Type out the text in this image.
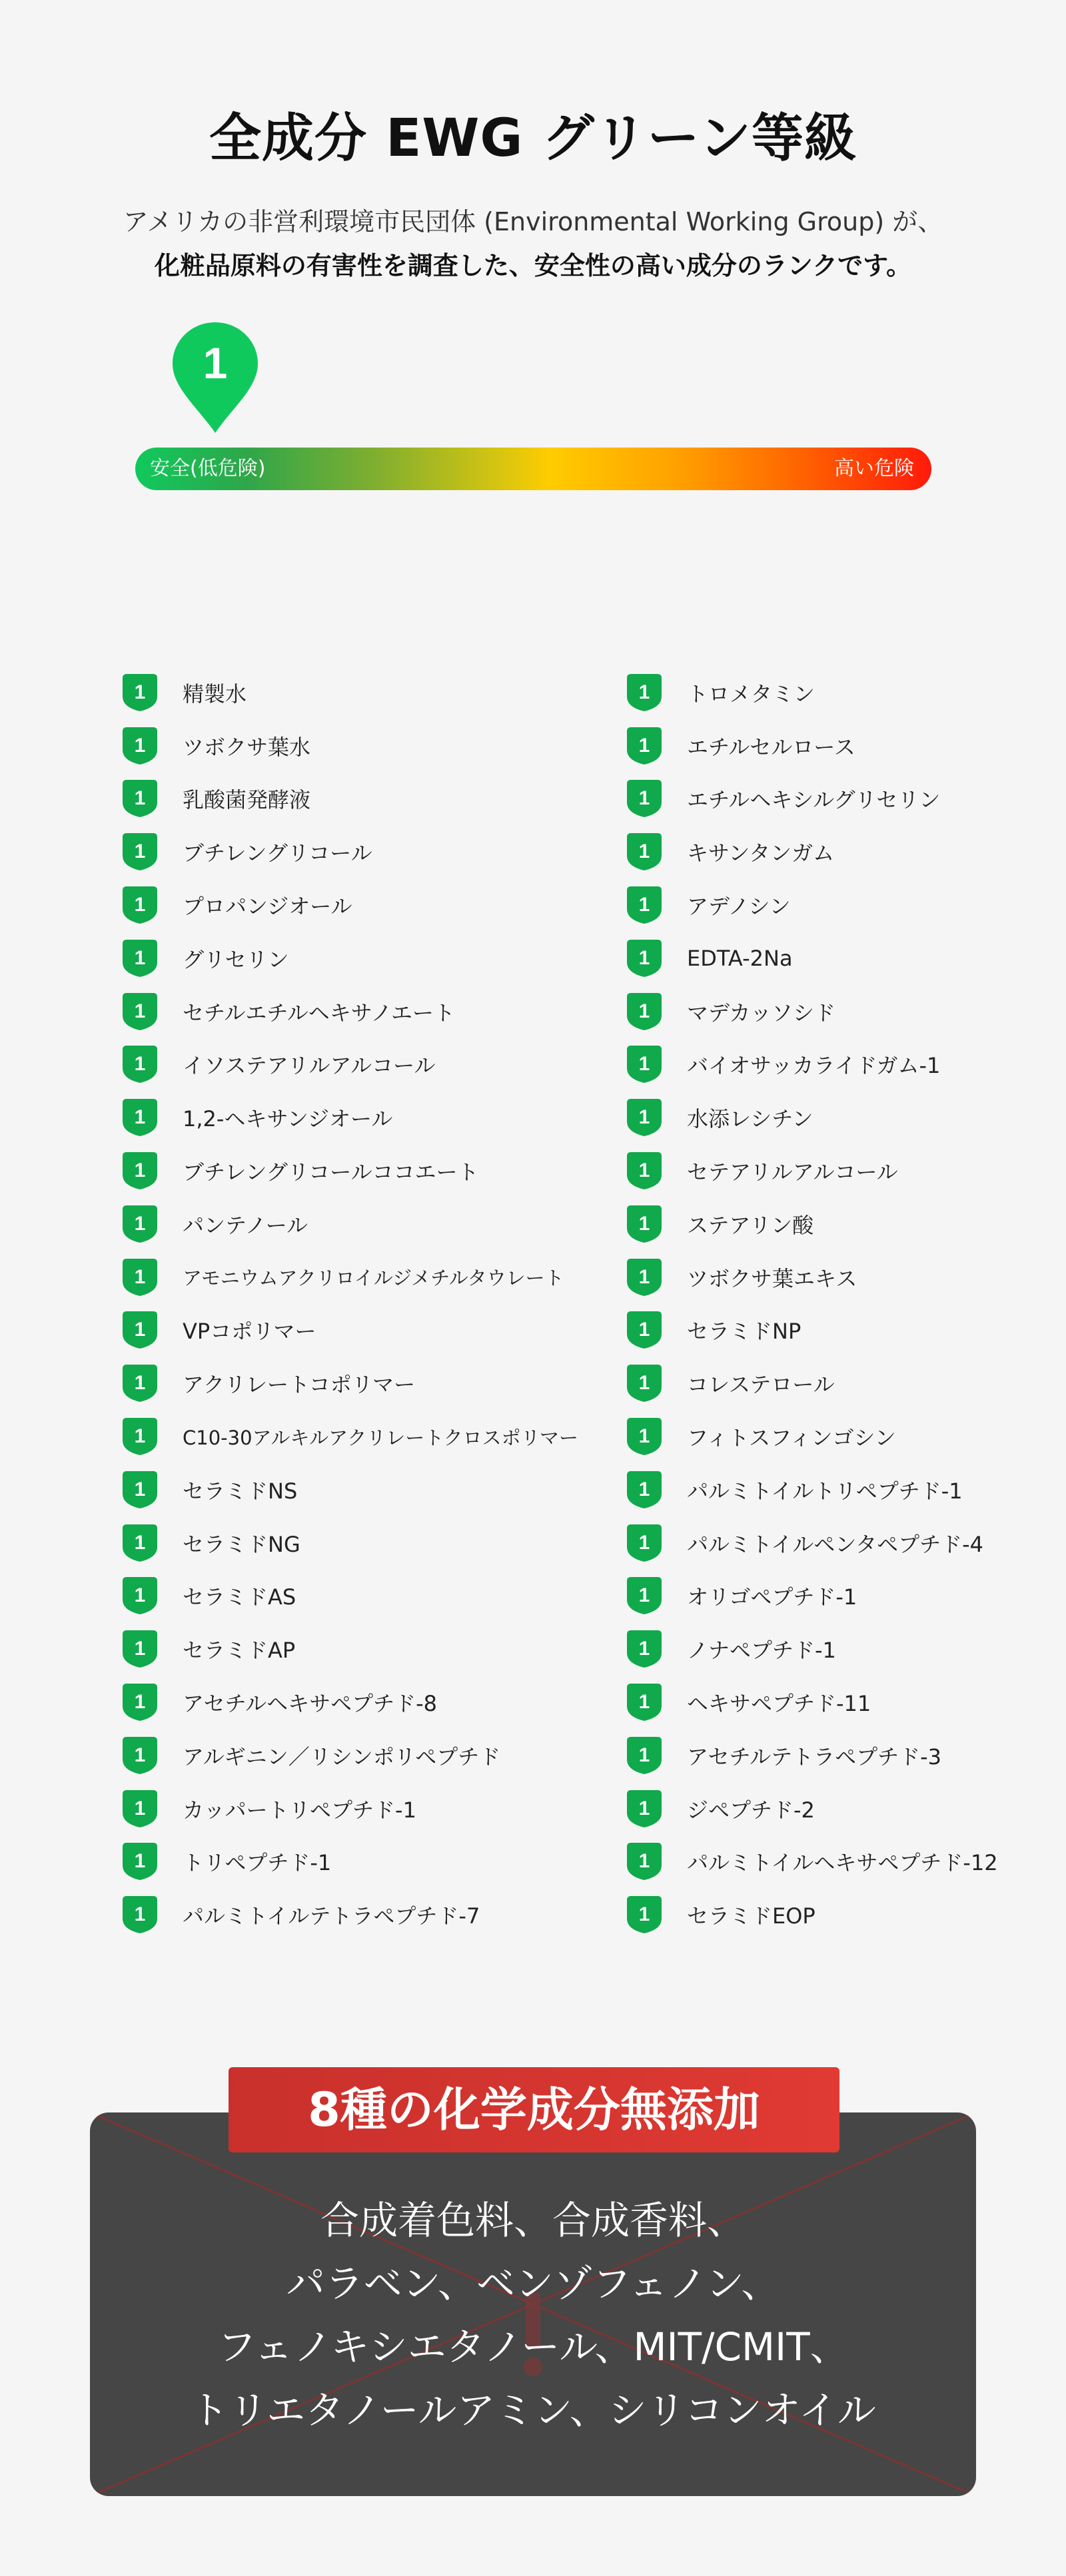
全成分 EWG グリーン等級
アメリカの非営利環境市民団体 (Environmental Working Group) が、
化粧品原料の有害性を調査した、安全性の高い成分のランクです。
1
安全(低危険)	高い危険
1 精製水
1 ツボクサ葉水
1 乳酸菌発酵液
1 ブチレングリコール
1 プロパンジオール
1 グリセリン
1 セチルエチルヘキサノエート
1 イソステアリルアルコール
1 1,2-ヘキサンジオール
1 ブチレングリコールココエート
1 パンテノール
1 アモニウムアクリロイルジメチルタウレート
1 VPコポリマー
1 アクリレートコポリマー
1 C10-30アルキルアクリレートクロスポリマー
1 セラミドNS
1 セラミドNG
1 セラミドAS
1 セラミドAP
1 アセチルヘキサペプチド-8
1 アルギニン／リシンポリペプチド
1 カッパートリペプチド-1
1 トリペプチド-1
1 パルミトイルテトラペプチド-7
1 トロメタミン
1 エチルセルロース
1 エチルヘキシルグリセリン
1 キサンタンガム
1 アデノシン
1 EDTA-2Na
1 マデカッソシド
1 バイオサッカライドガム-1
1 水添レシチン
1 セテアリルアルコール
1 ステアリン酸
1 ツボクサ葉エキス
1 セラミドNP
1 コレステロール
1 フィトスフィンゴシン
1 パルミトイルトリペプチド-1
1 パルミトイルペンタペプチド-4
1 オリゴペプチド-1
1 ノナペプチド-1
1 ヘキサペプチド-11
1 アセチルテトラペプチド-3
1 ジペプチド-2
1 パルミトイルヘキサペプチド-12
1 セラミドEOP
合成着色料、合成香料、
パラベン、ベンゾフェノン、
フェノキシエタノール、MIT/CMIT、
トリエタノールアミン、シリコンオイル
8種の化学成分無添加
